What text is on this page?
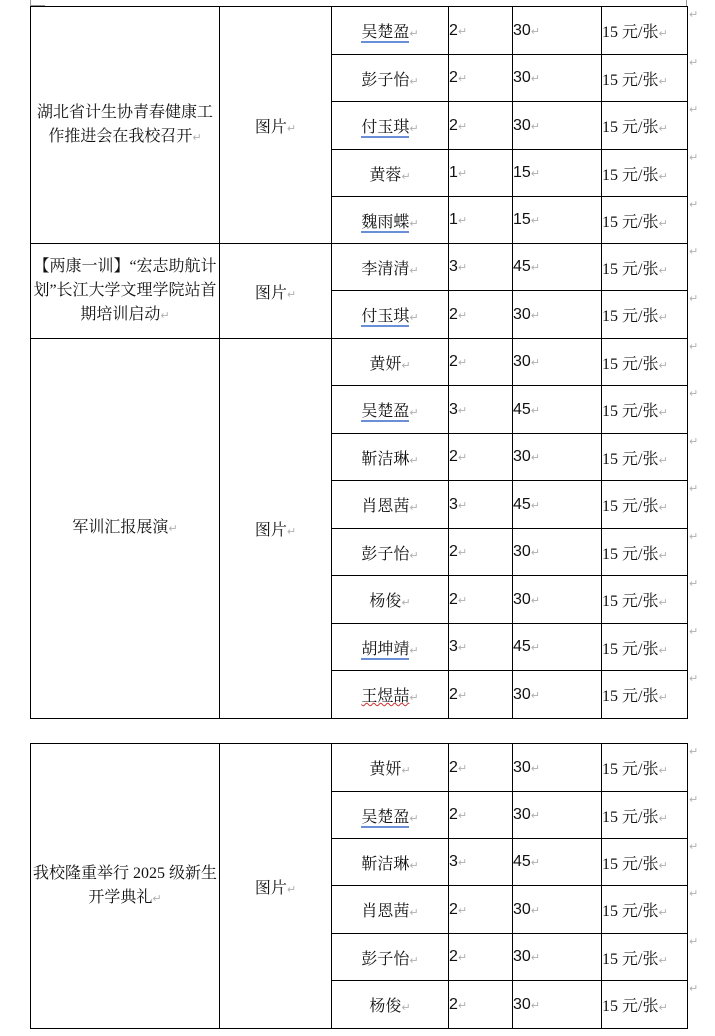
↵
↵
↵
↵
↵
↵
↵
↵
↵
↵
↵
↵
↵
↵
↵
湖北省计生协青春健康工作推进会在我校召开↵	图片↵	吴楚盈↵	2↵	30↵	15 元/张↵
		彭子怡↵	2↵	30↵	15 元/张↵
		付玉琪↵	2↵	30↵	15 元/张↵
		黄蓉↵	1↵	15↵	15 元/张↵
		魏雨蝶↵	1↵	15↵	15 元/张↵
【两康一训】“宏志助航计划”长江大学文理学院站首期培训启动↵	图片↵	李清清↵	3↵	45↵	15 元/张↵
		付玉琪↵	2↵	30↵	15 元/张↵
军训汇报展演↵	图片↵	黄妍↵	2↵	30↵	15 元/张↵
		吴楚盈↵	3↵	45↵	15 元/张↵
		靳洁琳↵	2↵	30↵	15 元/张↵
		肖恩茜↵	3↵	45↵	15 元/张↵
		彭子怡↵	2↵	30↵	15 元/张↵
		杨俊↵	2↵	30↵	15 元/张↵
		胡坤靖↵	3↵	45↵	15 元/张↵
		王煜喆↵	2↵	30↵	15 元/张↵
↵
↵
↵
↵
↵
↵
我校隆重举行 2025 级新生开学典礼↵	图片↵	黄妍↵	2↵	30↵	15 元/张↵
		吴楚盈↵	2↵	30↵	15 元/张↵
		靳洁琳↵	3↵	45↵	15 元/张↵
		肖恩茜↵	2↵	30↵	15 元/张↵
		彭子怡↵	2↵	30↵	15 元/张↵
		杨俊↵	2↵	30↵	15 元/张↵
